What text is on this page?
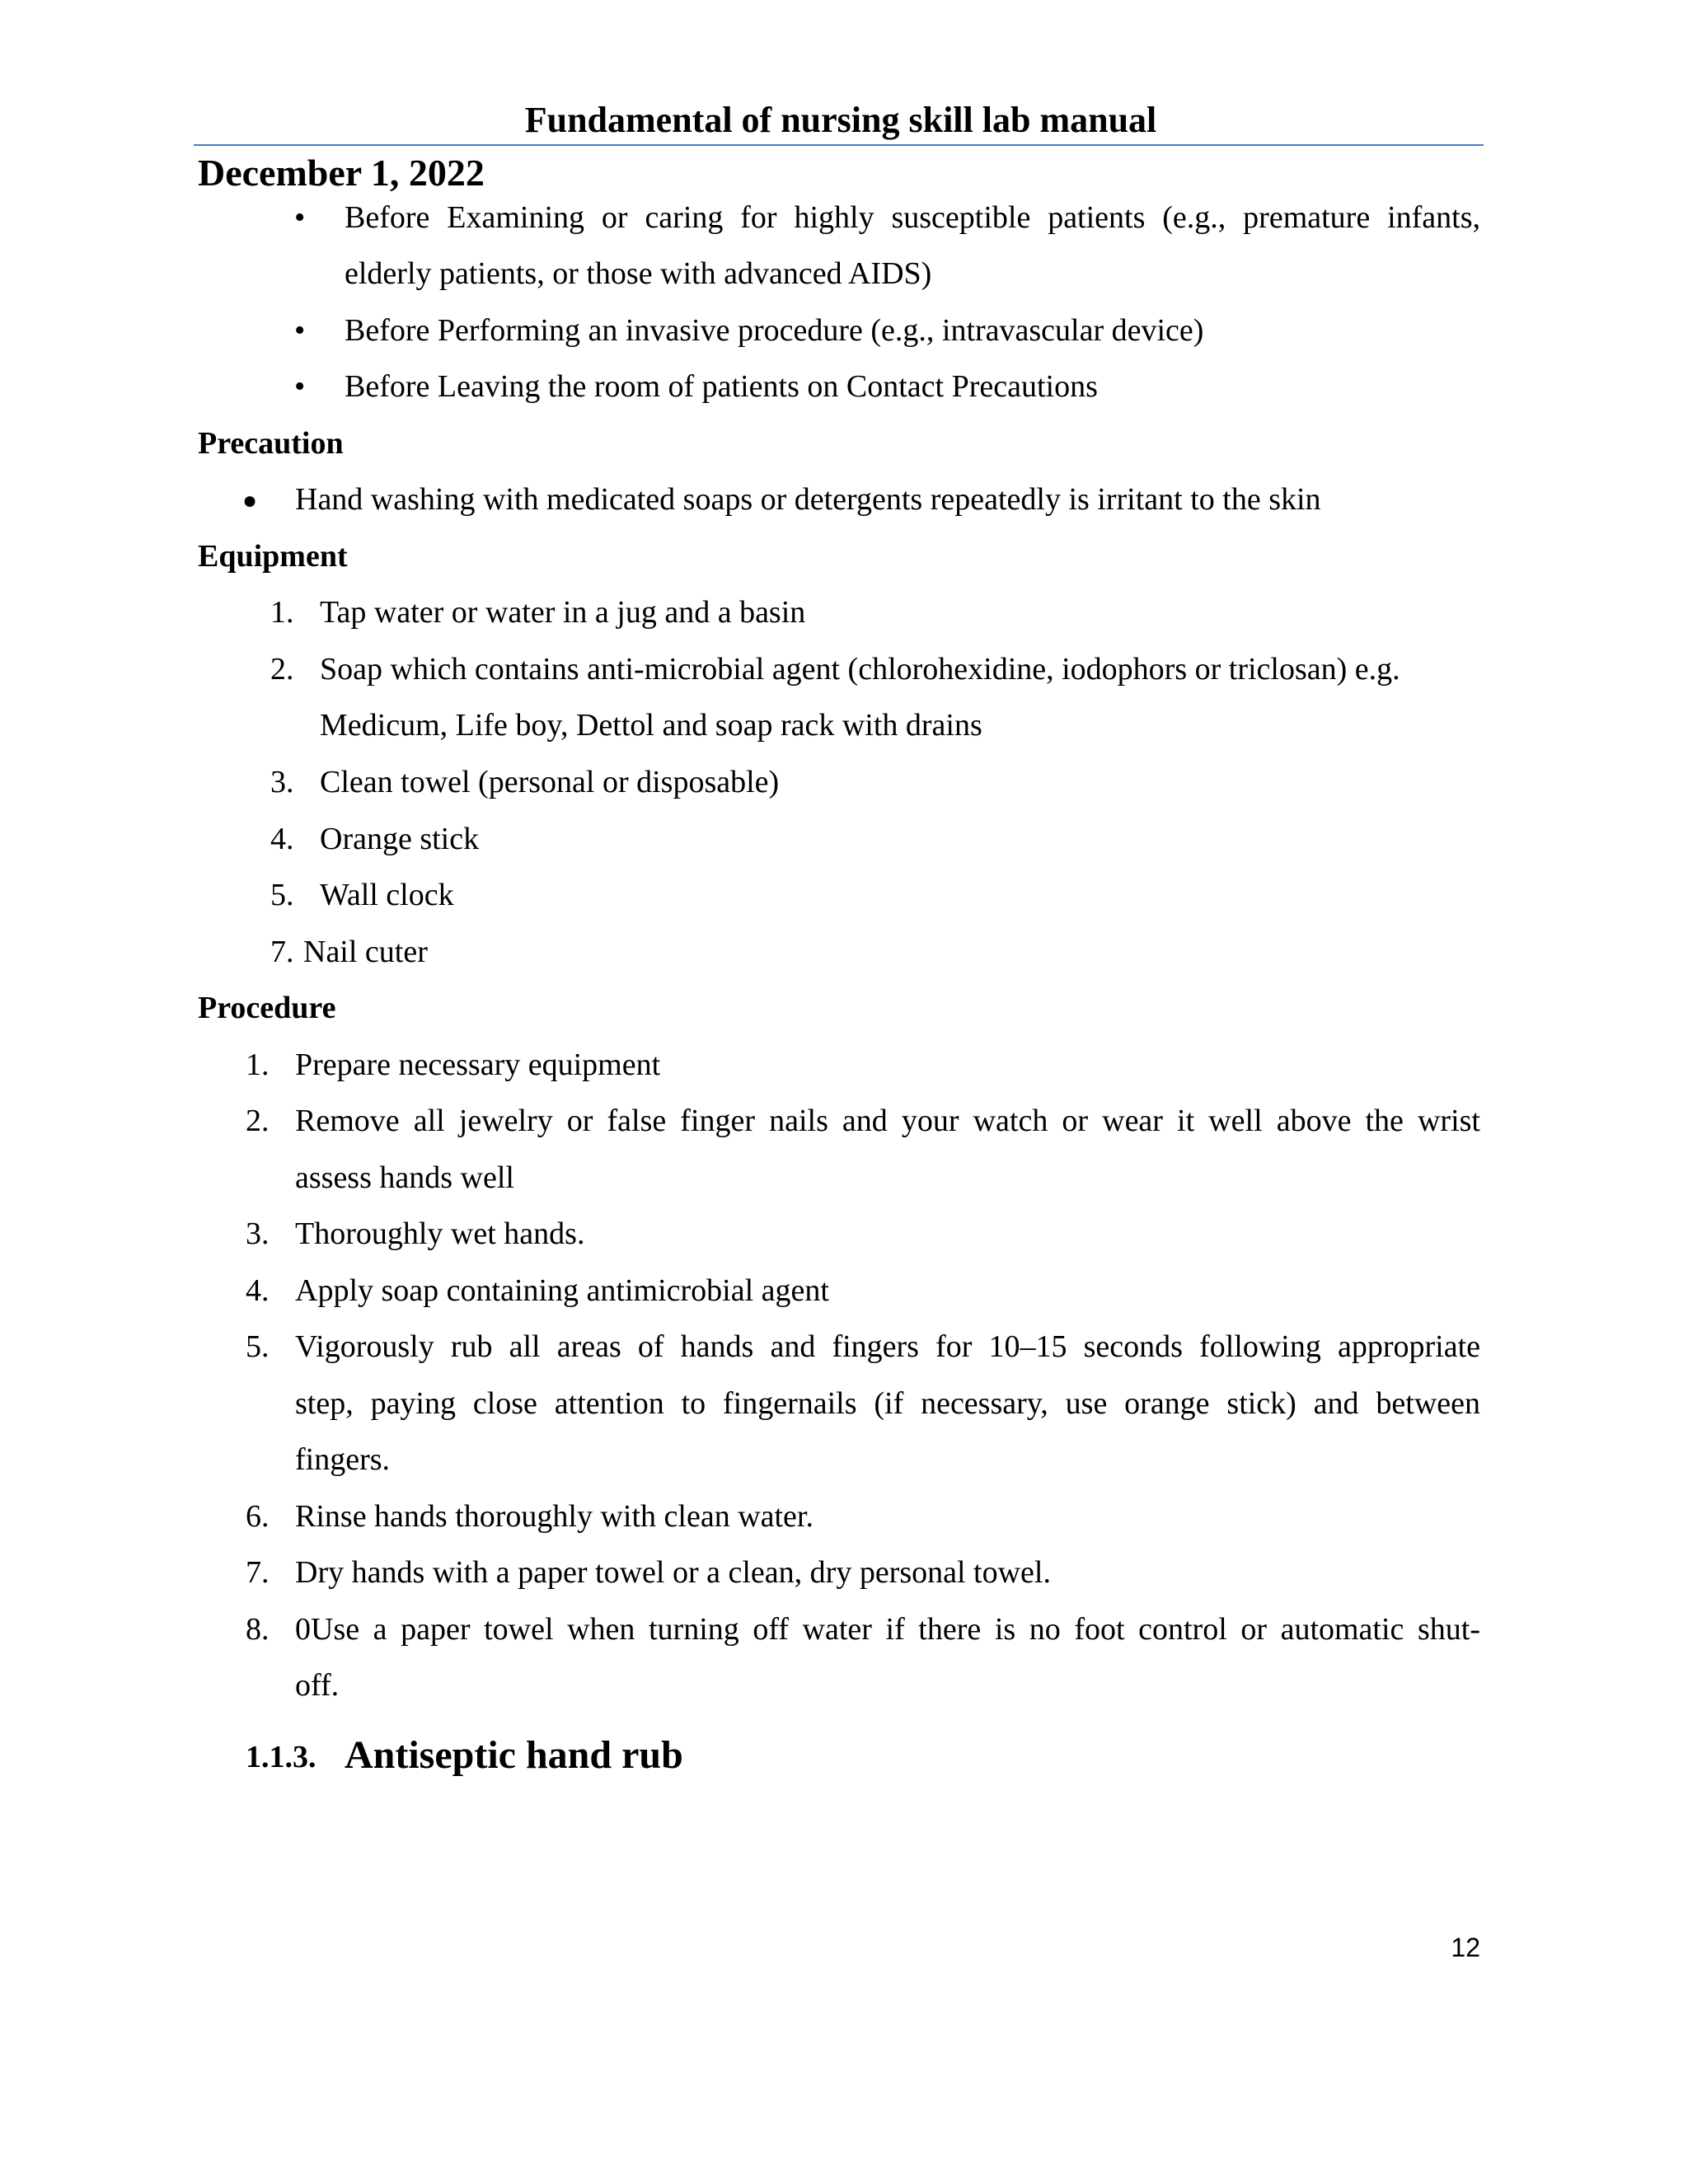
Fundamental of nursing skill lab manual
December 1, 2022
• Before Examining or caring for highly susceptible patients (e.g., premature infants,
elderly patients, or those with advanced AIDS)
• Before Performing an invasive procedure (e.g., intravascular device)
• Before Leaving the room of patients on Contact Precautions
Precaution
● Hand washing with medicated soaps or detergents repeatedly is irritant to the skin
Equipment
1. Tap water or water in a jug and a basin
2. Soap which contains anti-microbial agent (chlorohexidine, iodophors or triclosan) e.g.
Medicum, Life boy, Dettol and soap rack with drains
3. Clean towel (personal or disposable)
4. Orange stick
5. Wall clock
7. Nail cuter
Procedure
1. Prepare necessary equipment
2. Remove all jewelry or false finger nails and your watch or wear it well above the wrist
assess hands well
3. Thoroughly wet hands.
4. Apply soap containing antimicrobial agent
5. Vigorously rub all areas of hands and fingers for 10–15 seconds following appropriate
step, paying close attention to fingernails (if necessary, use orange stick) and between
fingers.
6. Rinse hands thoroughly with clean water.
7. Dry hands with a paper towel or a clean, dry personal towel.
8. 0Use a paper towel when turning off water if there is no foot control or automatic shut-
off.
1.1.3. Antiseptic hand rub
12
